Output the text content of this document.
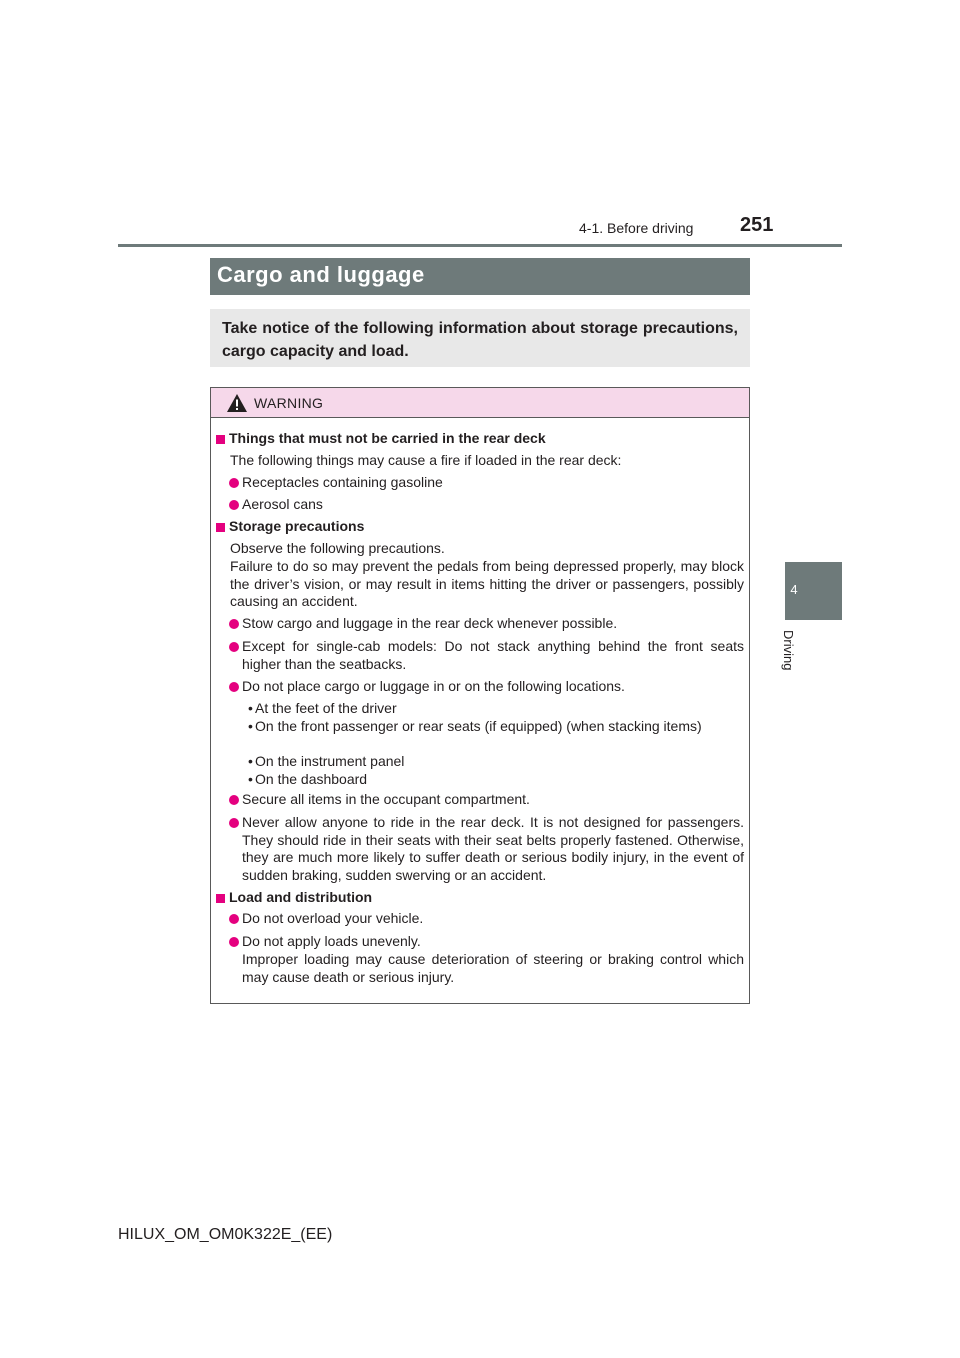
4-1. Before driving 251
4
Driving
Cargo and luggage

Take notice of the following information about storage precautions, cargo capacity and load.

WARNING
Things that must not be carried in the rear deck

The following things may cause a fire if loaded in the rear deck:

Receptacles containing gasoline

Aerosol cans

Storage precautions

Observe the following precautions.

Failure to do so may prevent the pedals from being depressed properly, may block the driver’s vision, or may result in items hitting the driver or passengers, possibly causing an accident.

Stow cargo and luggage in the rear deck whenever possible.

Except for single-cab models: Do not stack anything behind the front seats higher than the seatbacks.

Do not place cargo or luggage in or on the following locations.

• At the feet of the driver

• On the front passenger or rear seats (if equipped) (when stacking items)

• On the instrument panel

• On the dashboard

Secure all items in the occupant compartment.

Never allow anyone to ride in the rear deck. It is not designed for passengers. They should ride in their seats with their seat belts properly fastened. Otherwise, they are much more likely to suffer death or serious bodily injury, in the event of sudden braking, sudden swerving or an accident.

Load and distribution

Do not overload your vehicle.

Do not apply loads unevenly.

Improper loading may cause deterioration of steering or braking control which may cause death or serious injury.

HILUX_OM_OM0K322E_(EE)
